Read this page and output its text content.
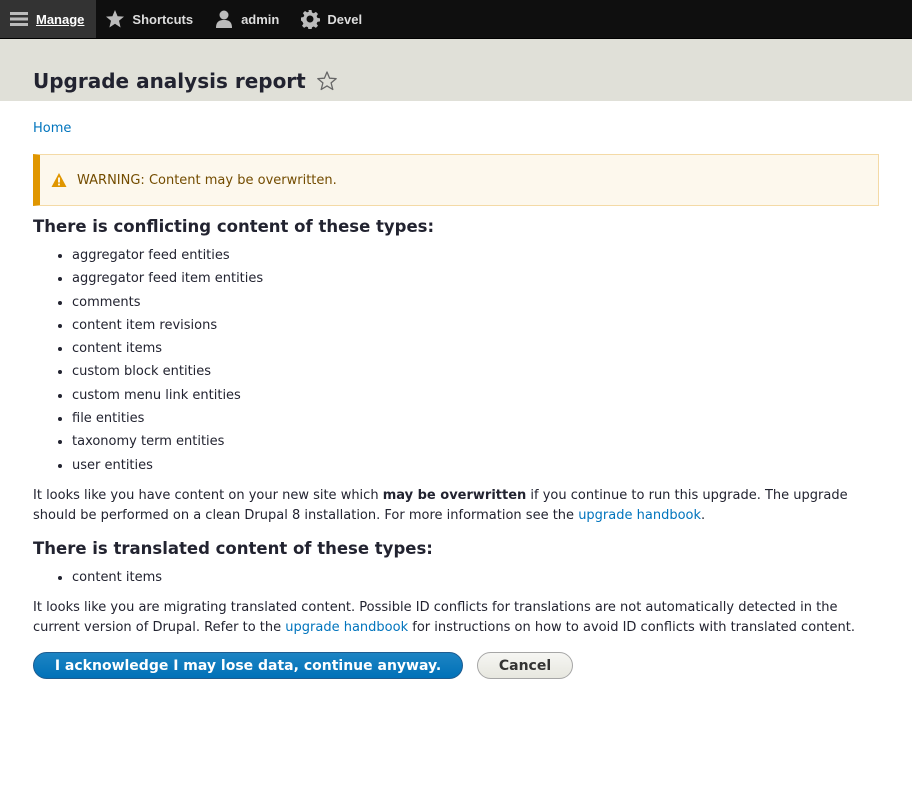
Manage	Shortcuts	admin	Devel
Upgrade analysis report
Home
WARNING: Content may be overwritten.
There is conflicting content of these types:
• aggregator feed entities
• aggregator feed item entities
• comments
• content item revisions
• content items
• custom block entities
• custom menu link entities
• file entities
• taxonomy term entities
• user entities

It looks like you have content on your new site which may be overwritten if you continue to run this upgrade. The upgrade should be performed on a clean Drupal 8 installation. For more information see the upgrade handbook.

There is translated content of these types:
• content items

It looks like you are migrating translated content. Possible ID conflicts for translations are not automatically detected in the current version of Drupal. Refer to the upgrade handbook for instructions on how to avoid ID conflicts with translated content.

I acknowledge I may lose data, continue anyway.	Cancel
